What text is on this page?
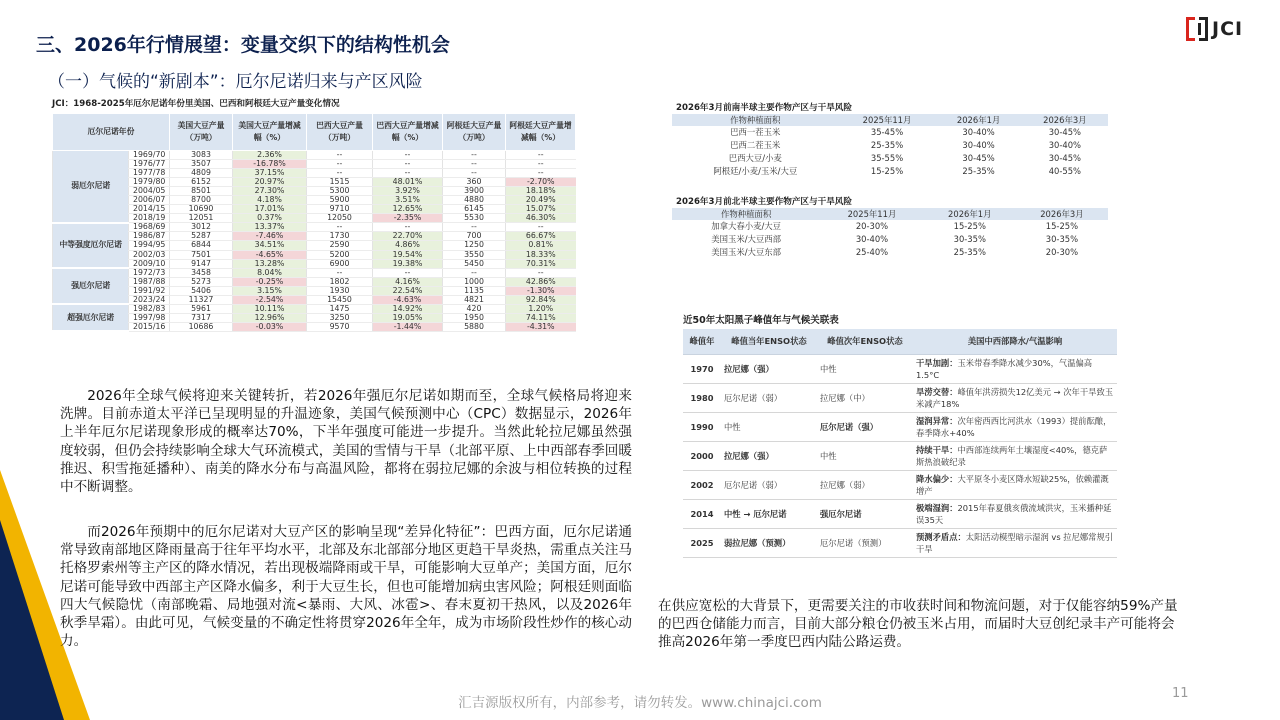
三、2026年行情展望：变量交织下的结构性机会
（一）气候的“新剧本”：厄尔尼诺归来与产区风险
JCI
JCI：1968-2025年厄尔尼诺年份里美国、巴西和阿根廷大豆产量变化情况
厄尔尼诺年份		美国大豆产量（万吨）	美国大豆产量增减幅（%）	巴西大豆产量（万吨）	巴西大豆产量增减幅（%）	阿根廷大豆产量（万吨）	阿根廷大豆产量增减幅（%）
弱厄尔尼诺	1969/70	3083	2.36%	--	--	--	--
	1976/77	3507	-16.78%	--	--	--	--
	1977/78	4809	37.15%	--	--	--	--
	1979/80	6152	20.97%	1515	48.01%	360	-2.70%
	2004/05	8501	27.30%	5300	3.92%	3900	18.18%
	2006/07	8700	4.18%	5900	3.51%	4880	20.49%
	2014/15	10690	17.01%	9710	12.65%	6145	15.07%
	2018/19	12051	0.37%	12050	-2.35%	5530	46.30%
中等强度厄尔尼诺	1968/69	3012	13.37%	--	--	--	--
	1986/87	5287	-7.46%	1730	22.70%	700	66.67%
	1994/95	6844	34.51%	2590	4.86%	1250	0.81%
	2002/03	7501	-4.65%	5200	19.54%	3550	18.33%
	2009/10	9147	13.28%	6900	19.38%	5450	70.31%
强厄尔尼诺	1972/73	3458	8.04%	--	--	--	--
	1987/88	5273	-0.25%	1802	4.16%	1000	42.86%
	1991/92	5406	3.15%	1930	22.54%	1135	-1.30%
	2023/24	11327	-2.54%	15450	-4.63%	4821	92.84%
超强厄尔尼诺	1982/83	5961	10.11%	1475	14.92%	420	1.20%
	1997/98	7317	12.96%	3250	19.05%	1950	74.11%
	2015/16	10686	-0.03%	9570	-1.44%	5880	-4.31%
2026年全球气候将迎来关键转折，若2026年强厄尔尼诺如期而至，全球气候格局将迎来洗牌。目前赤道太平洋已呈现明显的升温迹象，美国气候预测中心（CPC）数据显示，2026年上半年厄尔尼诺现象形成的概率达70%，下半年强度可能进一步提升。当然此轮拉尼娜虽然强度较弱，但仍会持续影响全球大气环流模式，美国的雪情与干旱（北部平原、上中西部春季回暖推迟、积雪拖延播种）、南美的降水分布与高温风险，都将在弱拉尼娜的余波与相位转换的过程中不断调整。
而2026年预期中的厄尔尼诺对大豆产区的影响呈现“差异化特征”：巴西方面，厄尔尼诺通常导致南部地区降雨量高于往年平均水平，北部及东北部部分地区更趋干旱炎热，需重点关注马托格罗索州等主产区的降水情况，若出现极端降雨或干旱，可能影响大豆单产；美国方面，厄尔尼诺可能导致中西部主产区降水偏多，利于大豆生长，但也可能增加病虫害风险；阿根廷则面临四大气候隐忧（南部晚霜、局地强对流<暴雨、大风、冰雹>、春末夏初干热风，以及2026年秋季旱霜）。由此可见，气候变量的不确定性将贯穿2026年全年，成为市场阶段性炒作的核心动力。
在供应宽松的大背景下，更需要关注的市收获时间和物流问题，对于仅能容纳59%产量的巴西仓储能力而言，目前大部分粮仓仍被玉米占用，而届时大豆创纪录丰产可能将会推高2026年第一季度巴西内陆公路运费。
2026年3月前南半球主要作物产区与干旱风险
作物种植面积	2025年11月	2026年1月	2026年3月
巴西一茬玉米	35-45%	30-40%	30-45%
巴西二茬玉米	25-35%	30-40%	30-40%
巴西大豆/小麦	35-55%	30-45%	30-45%
阿根廷/小麦/玉米/大豆	15-25%	25-35%	40-55%
2026年3月前北半球主要作物产区与干旱风险
作物种植面积	2025年11月	2026年1月	2026年3月
加拿大春小麦/大豆	20-30%	15-25%	15-25%
美国玉米/大豆西部	30-40%	30-35%	30-35%
美国玉米/大豆东部	25-40%	25-35%	20-30%
近50年太阳黑子峰值年与气候关联表
峰值年	峰值当年ENSO状态	峰值次年ENSO状态	美国中西部降水/气温影响
1970	拉尼娜（强）	中性	干旱加剧：玉米带春季降水减少30%，气温偏高1.5°C
1980	厄尔尼诺（弱）	拉尼娜（中）	旱涝交替：峰值年洪涝损失12亿美元 → 次年干旱致玉米减产18%
1990	中性	厄尔尼诺（强）	湿润异常：次年密西西比河洪水（1993）提前酝酿，春季降水+40%
2000	拉尼娜（强）	中性	持续干旱：中西部连续两年土壤湿度<40%，德克萨斯热浪破纪录
2002	厄尔尼诺（弱）	拉尼娜（弱）	降水偏少：大平原冬小麦区降水短缺25%，依赖灌溉增产
2014	中性 → 厄尔尼诺	强厄尔尼诺	极端湿润：2015年春夏俄亥俄流域洪灾，玉米播种延误35天
2025	弱拉尼娜（预测）	厄尔尼诺（预测）	预测矛盾点：太阳活动模型暗示湿润 vs 拉尼娜常规引干旱
汇吉源版权所有，内部参考，请勿转发。www.chinajci.com
11
